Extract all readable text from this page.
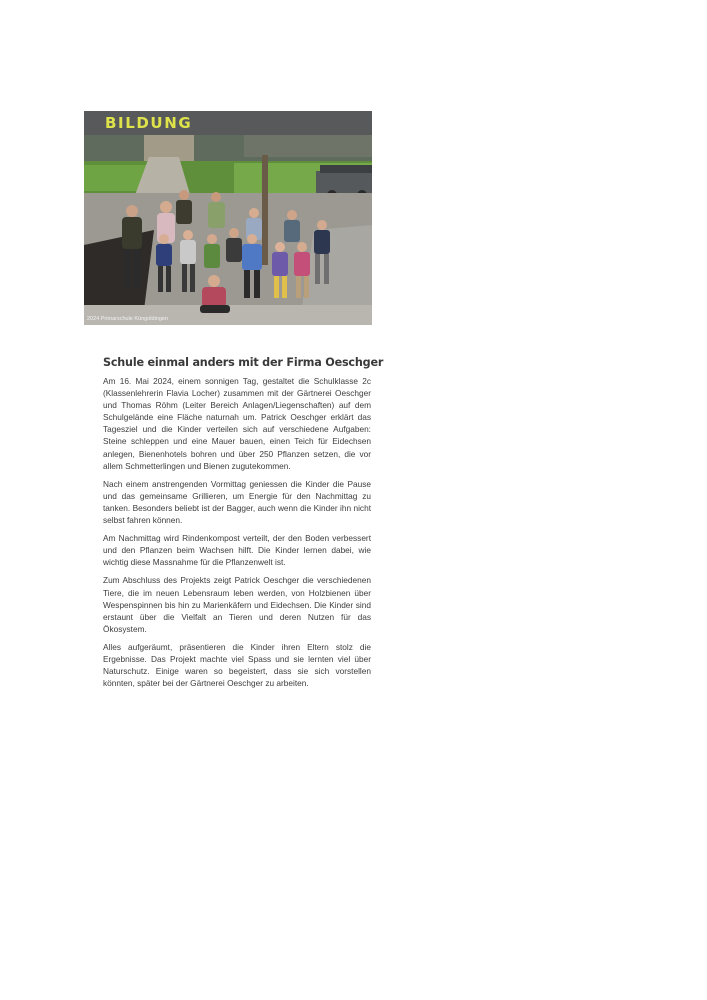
BILDUNG
2024 Primarschule Küngoldingen
Schule einmal anders mit der Firma Oeschger

Am 16. Mai 2024, einem sonnigen Tag, gestaltet die Schulklasse 2c (Klassenlehrerin Flavia Locher) zusammen mit der Gärtnerei Oeschger und Thomas Röhm (Leiter Bereich Anlagen/Liegenschaften) auf dem Schulgelände eine Fläche naturnah um. Patrick Oeschger erklärt das Tagesziel und die Kinder verteilen sich auf verschiedene Aufgaben: Steine schleppen und eine Mauer bauen, einen Teich für Eidechsen anlegen, Bienenhotels bohren und über 250 Pflanzen setzen, die vor allem Schmetterlingen und Bienen zugutekommen.

Nach einem anstrengenden Vormittag geniessen die Kinder die Pause und das gemeinsame Grillieren, um Energie für den Nachmittag zu tanken. Besonders beliebt ist der Bagger, auch wenn die Kinder ihn nicht selbst fahren können.

Am Nachmittag wird Rindenkompost verteilt, der den Boden verbessert und den Pflanzen beim Wachsen hilft. Die Kinder lernen dabei, wie wichtig diese Massnahme für die Pflanzenwelt ist.

Zum Abschluss des Projekts zeigt Patrick Oeschger die verschiedenen Tiere, die im neuen Lebensraum leben werden, von Holzbienen über Wespenspinnen bis hin zu Marienkäfern und Eidechsen. Die Kinder sind erstaunt über die Vielfalt an Tieren und deren Nutzen für das Ökosystem.

Alles aufgeräumt, präsentieren die Kinder ihren Eltern stolz die Ergebnisse. Das Projekt machte viel Spass und sie lernten viel über Naturschutz. Einige waren so begeistert, dass sie sich vorstellen könnten, später bei der Gärtnerei Oeschger zu arbeiten.
